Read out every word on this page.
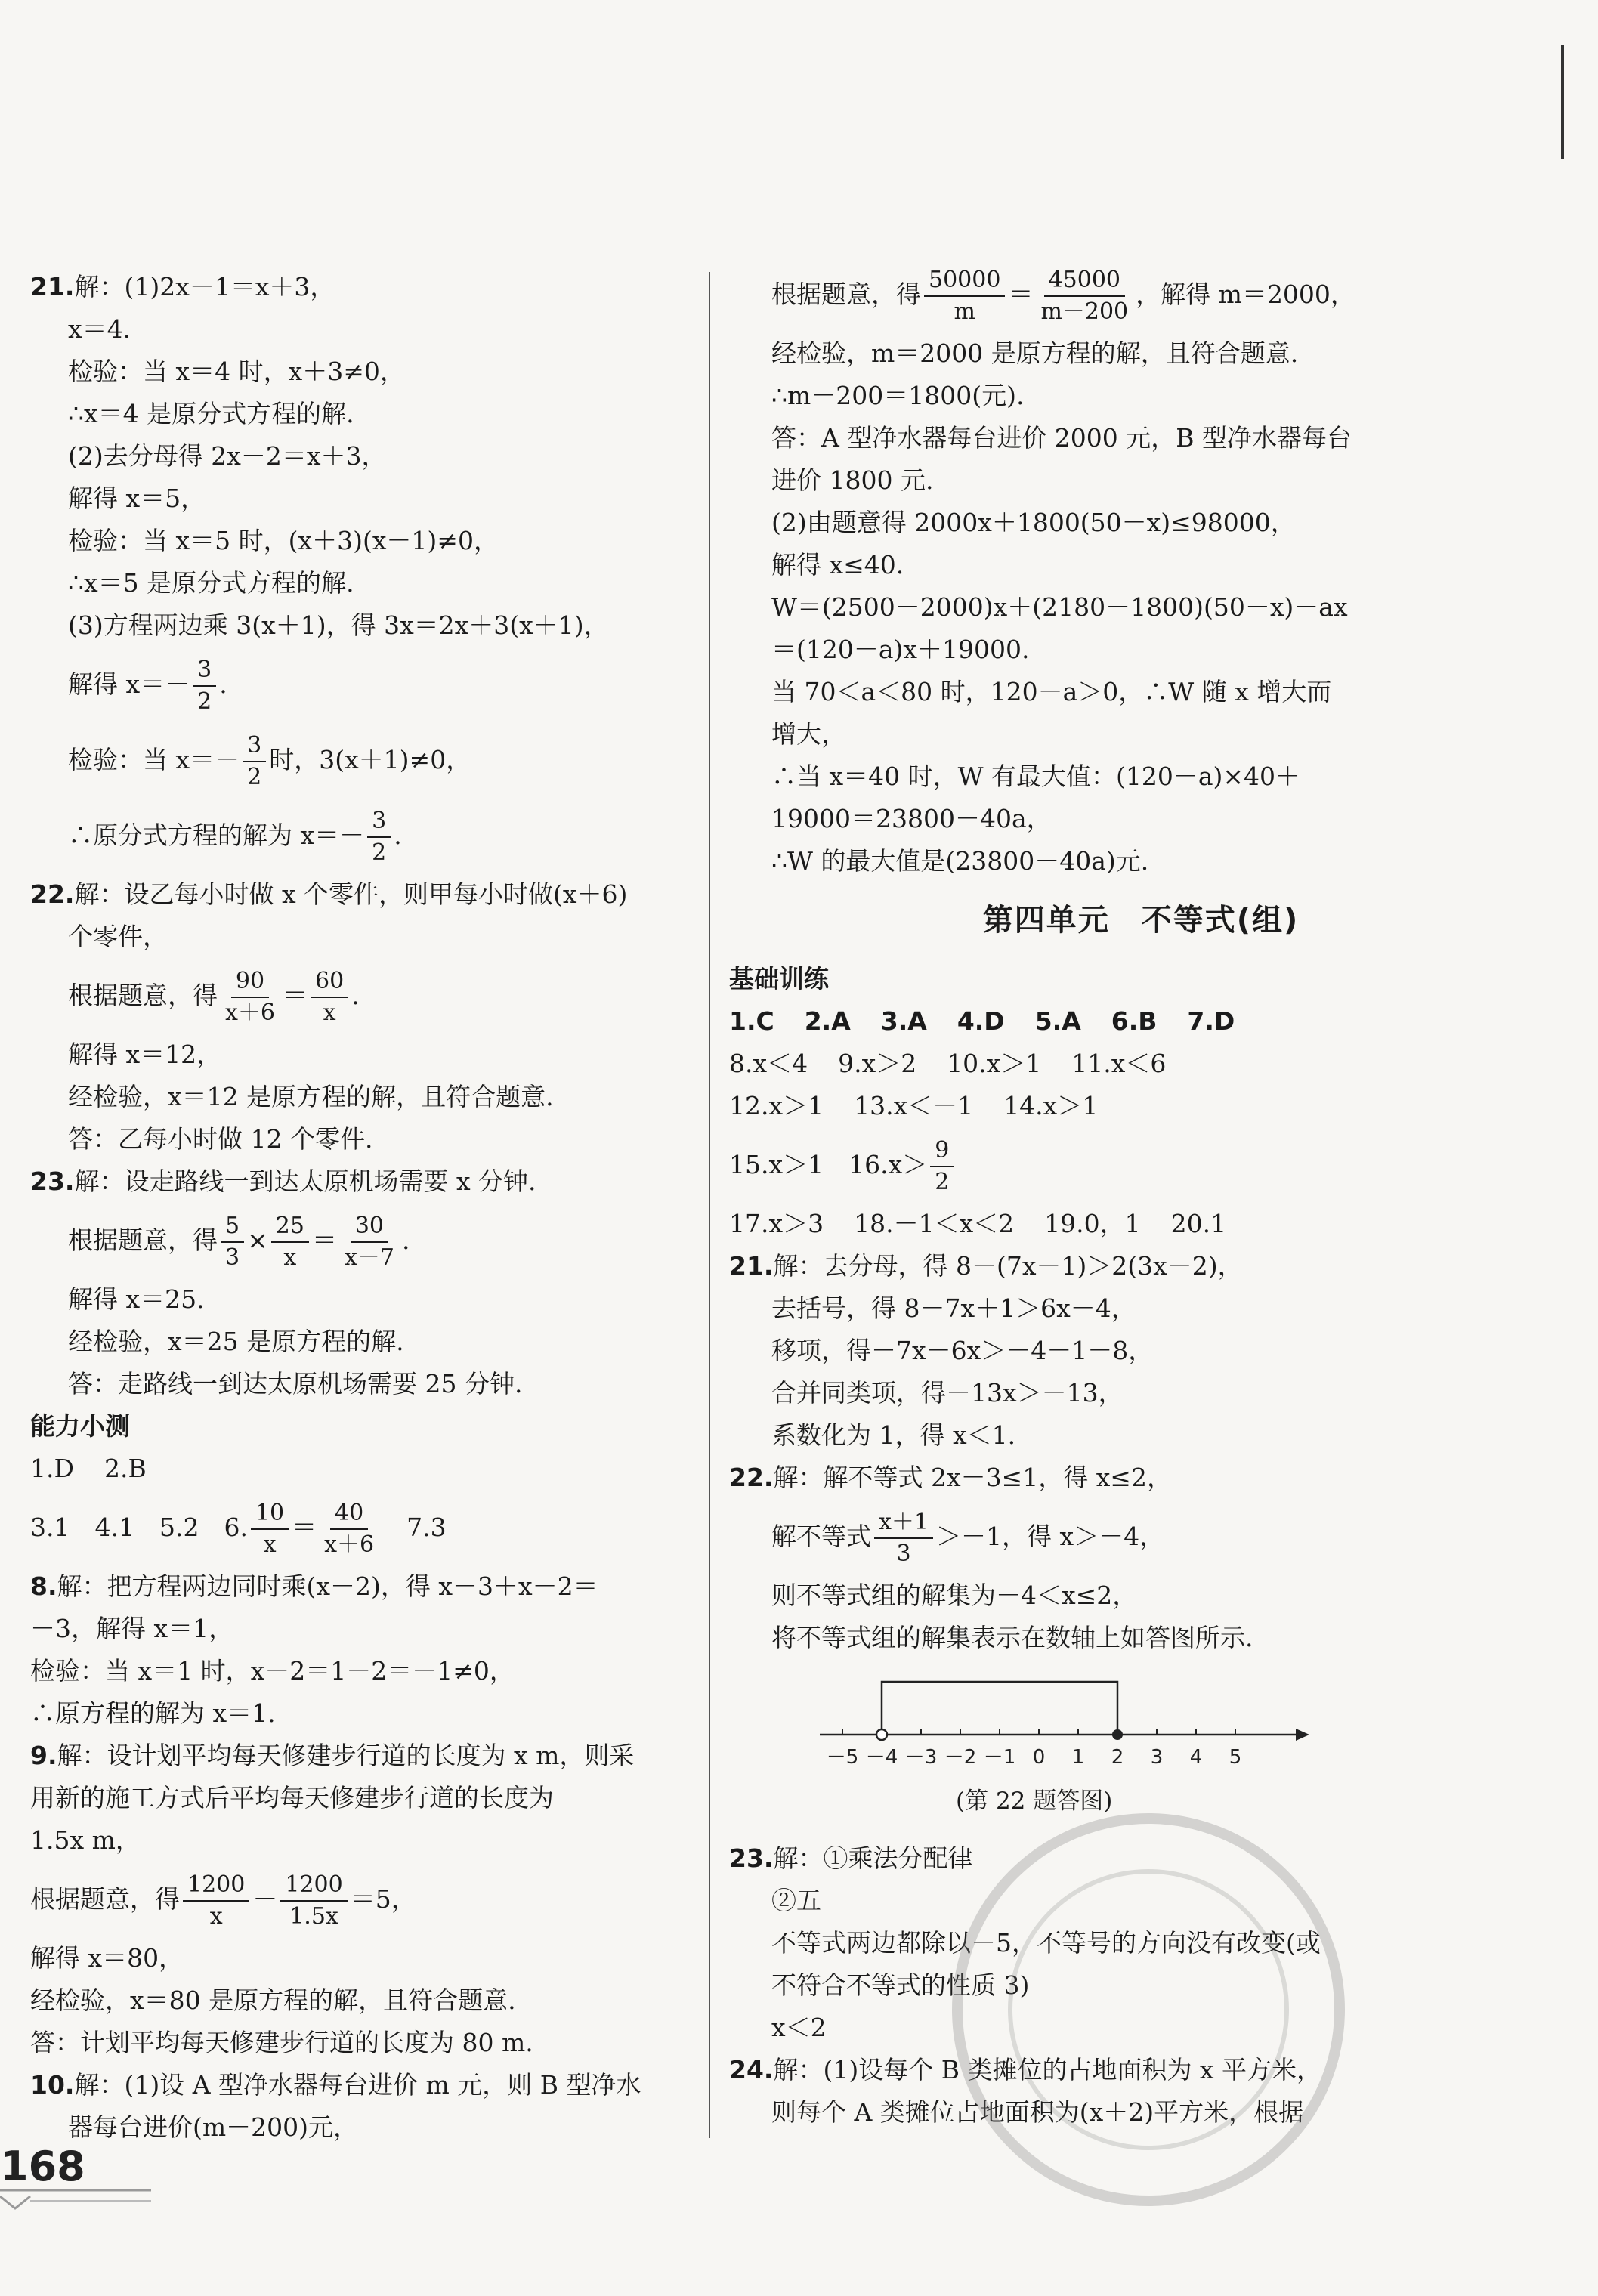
21.解：(1)2x－1＝x＋3，
x＝4.
检验：当 x＝4 时，x＋3≠0，
∴x＝4 是原分式方程的解.
(2)去分母得 2x－2＝x＋3，
解得 x＝5，
检验：当 x＝5 时，(x＋3)(x－1)≠0，
∴x＝5 是原分式方程的解.
(3)方程两边乘 3(x＋1)，得 3x＝2x＋3(x＋1)，
解得 $x=- \frac{3}{2}$ .
检验：当 $x=- \frac{3}{2}$ 时，3(x＋1)≠0，
∴原分式方程的解为 $x=- \frac{3}{2}$ .
22.解：设乙每小时做 x 个零件，则甲每小时做(x＋6)
个零件，
根据题意，得 $\frac{90}{x+6} = \frac{60}{x}$ .
解得 x＝12，
经检验，x＝12 是原方程的解，且符合题意.
答：乙每小时做 12 个零件.
23.解：设走路线一到达太原机场需要 x 分钟.
根据题意，得 $\frac{5}{3} \times \frac{25}{x} = \frac{30}{x-7}$ .
解得 x＝25.
经检验，x＝25 是原方程的解.
答：走路线一到达太原机场需要 25 分钟.
能力小测
1.D 2.B
3.1　4.1　5.2　6. $\frac{10}{x} = \frac{40}{x+6}$ 　7.3
8.解：把方程两边同时乘(x－2)，得 x－3＋x－2＝
－3，解得 x＝1，
检验：当 x＝1 时，x－2＝1－2＝－1≠0，
∴原方程的解为 x＝1.
9.解：设计划平均每天修建步行道的长度为 x m，则采
用新的施工方式后平均每天修建步行道的长度为
1.5x m，
根据题意，得 $\frac{1200}{x} - \frac{1200}{1.5x} =5$，
解得 x＝80，
经检验，x＝80 是原方程的解，且符合题意.
答：计划平均每天修建步行道的长度为 80 m.
10.解：(1)设 A 型净水器每台进价 m 元，则 B 型净水
器每台进价(m－200)元，
根据题意，得 $\frac{50000}{m} = \frac{45000}{m-200}$ ，解得 m＝2000，
经检验，m＝2000 是原方程的解，且符合题意.
∴m－200＝1800(元).
答：A 型净水器每台进价 2000 元，B 型净水器每台
进价 1800 元.
(2)由题意得 2000x＋1800(50－x)≤98000，
解得 x≤40.
W＝(2500－2000)x＋(2180－1800)(50－x)－ax
＝(120－a)x＋19000.
当 70＜a＜80 时，120－a＞0，∴W 随 x 增大而
增大，
∴当 x＝40 时，W 有最大值：(120－a)×40＋
19000＝23800－40a，
∴W 的最大值是(23800－40a)元.
第四单元　不等式(组)
基础训练
1.C 2.A 3.A 4.D 5.A 6.B 7.D
8.x＜4 9.x＞2 10.x＞1 11.x＜6
12.x＞1 13.x＜－1 14.x＞1
15.x＞1　$16.x> \frac{9}{2}$
17.x＞3 18.－1＜x＜2 19.0，1 20.1
21.解：去分母，得 8－(7x－1)＞2(3x－2)，
去括号，得 8－7x＋1＞6x－4，
移项，得－7x－6x＞－4－1－8，
合并同类项，得－13x＞－13，
系数化为 1，得 x＜1.
22.解：解不等式 2x－3≤1，得 x≤2，
解不等式 $\frac{x+1}{3} >-1$，得 x＞－4，
则不等式组的解集为－4＜x≤2，
将不等式组的解集表示在数轴上如答图所示.
－5 －4 －3 －2 －1 0 1 2 3 4 5
(第 22 题答图)
23.解：①乘法分配律
②五
不等式两边都除以－5，不等号的方向没有改变(或
不符合不等式的性质 3)
x＜2
24.解：(1)设每个 B 类摊位的占地面积为 x 平方米，
则每个 A 类摊位占地面积为(x＋2)平方米，根据
168
